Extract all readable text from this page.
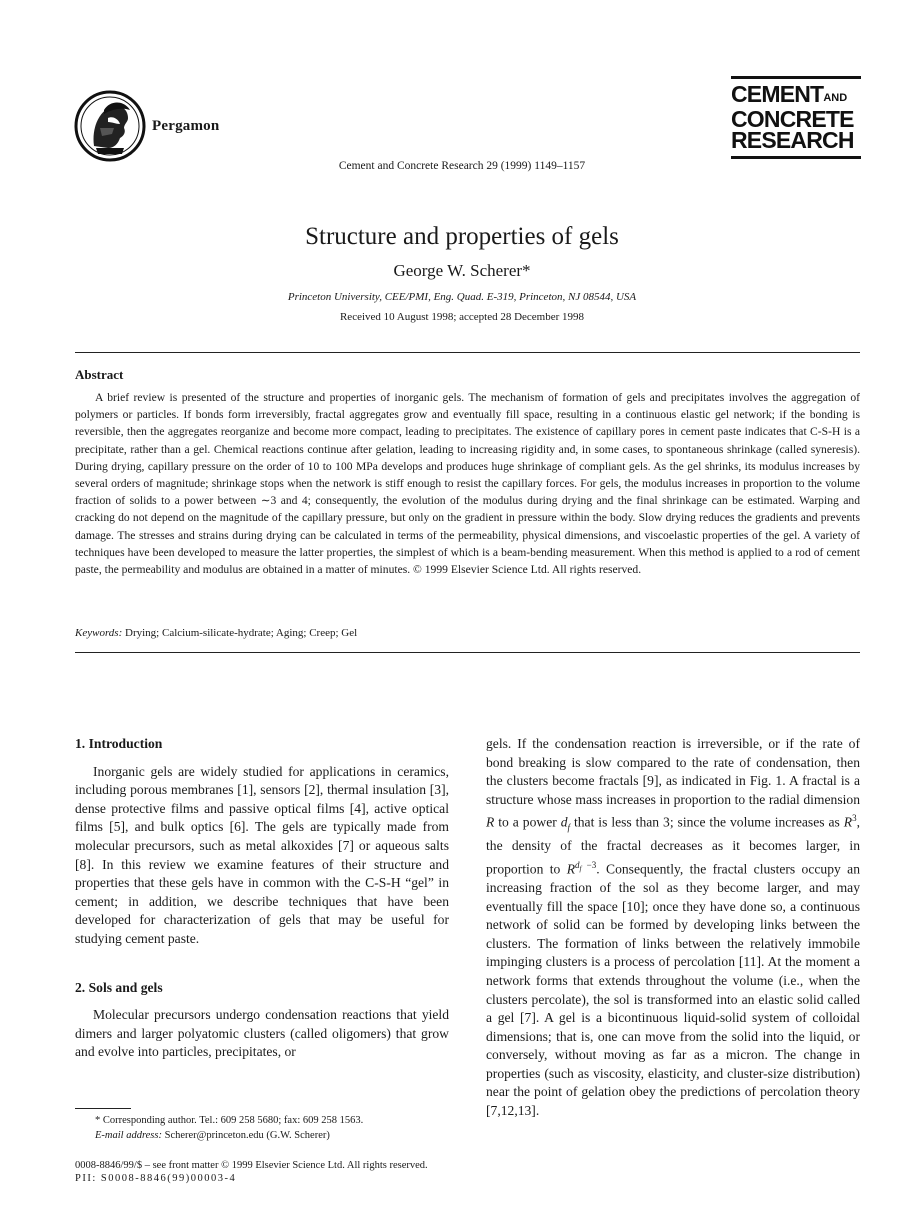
Pergamon
Cement and Concrete Research 29 (1999) 1149–1157
CEMENTAND
CONCRETE
RESEARCH
Structure and properties of gels
George W. Scherer*
Princeton University, CEE/PMI, Eng. Quad. E-319, Princeton, NJ 08544, USA
Received 10 August 1998; accepted 28 December 1998
Abstract
A brief review is presented of the structure and properties of inorganic gels. The mechanism of formation of gels and precipitates involves the aggregation of polymers or particles. If bonds form irreversibly, fractal aggregates grow and eventually fill space, resulting in a continuous elastic gel network; if the bonding is reversible, then the aggregates reorganize and become more compact, leading to precipitates. The existence of capillary pores in cement paste indicates that C-S-H is a precipitate, rather than a gel. Chemical reactions continue after gelation, leading to increasing rigidity and, in some cases, to spontaneous shrinkage (called syneresis). During drying, capillary pressure on the order of 10 to 100 MPa develops and produces huge shrinkage of compliant gels. As the gel shrinks, its modulus increases by several orders of magnitude; shrinkage stops when the network is stiff enough to resist the capillary forces. For gels, the modulus increases in proportion to the volume fraction of solids to a power between ∼3 and 4; consequently, the evolution of the modulus during drying and the final shrinkage can be estimated. Warping and cracking do not depend on the magnitude of the capillary pressure, but only on the gradient in pressure within the body. Slow drying reduces the gradients and prevents damage. The stresses and strains during drying can be calculated in terms of the permeability, physical dimensions, and viscoelastic properties of the gel. A variety of techniques have been developed to measure the latter properties, the simplest of which is a beam-bending measurement. When this method is applied to a rod of cement paste, the permeability and modulus are obtained in a matter of minutes. © 1999 Elsevier Science Ltd. All rights reserved.
Keywords: Drying; Calcium-silicate-hydrate; Aging; Creep; Gel
1. Introduction

Inorganic gels are widely studied for applications in ceramics, including porous membranes [1], sensors [2], thermal insulation [3], dense protective films and passive optical films [4], active optical films [5], and bulk optics [6]. The gels are typically made from molecular precursors, such as metal alkoxides [7] or aqueous salts [8]. In this review we examine features of their structure and properties that these gels have in common with the C-S-H “gel” in cement; in addition, we describe techniques that have been developed for characterization of gels that may be useful for studying cement paste.

2. Sols and gels

Molecular precursors undergo condensation reactions that yield dimers and larger polyatomic clusters (called oligomers) that grow and evolve into particles, precipitates, or

gels. If the condensation reaction is irreversible, or if the rate of bond breaking is slow compared to the rate of condensation, then the clusters become fractals [9], as indicated in Fig. 1. A fractal is a structure whose mass increases in proportion to the radial dimension R to a power $d_f$ that is less than 3; since the volume increases as $R^3$, the density of the fractal decreases as it becomes larger, in proportion to $R^{d_f -3}$. Consequently, the fractal clusters occupy an increasing fraction of the sol as they become larger, and may eventually fill the space [10]; once they have done so, a continuous network of solid can be formed by developing links between the clusters. The formation of links between the relatively immobile impinging clusters is a process of percolation [11]. At the moment a network forms that extends throughout the volume (i.e., when the clusters percolate), the sol is transformed into an elastic solid called a gel [7]. A gel is a bicontinuous liquid-solid system of colloidal dimensions; that is, one can move from the solid into the liquid, or conversely, without moving as far as a micron. The change in properties (such as viscosity, elasticity, and cluster-size distribution) near the point of gelation obey the predictions of percolation theory [7,12,13].

* Corresponding author. Tel.: 609 258 5680; fax: 609 258 1563.
E-mail address: Scherer@princeton.edu (G.W. Scherer)
0008-8846/99/$ – see front matter © 1999 Elsevier Science Ltd. All rights reserved.
PII: S0008-8846(99)00003-4
